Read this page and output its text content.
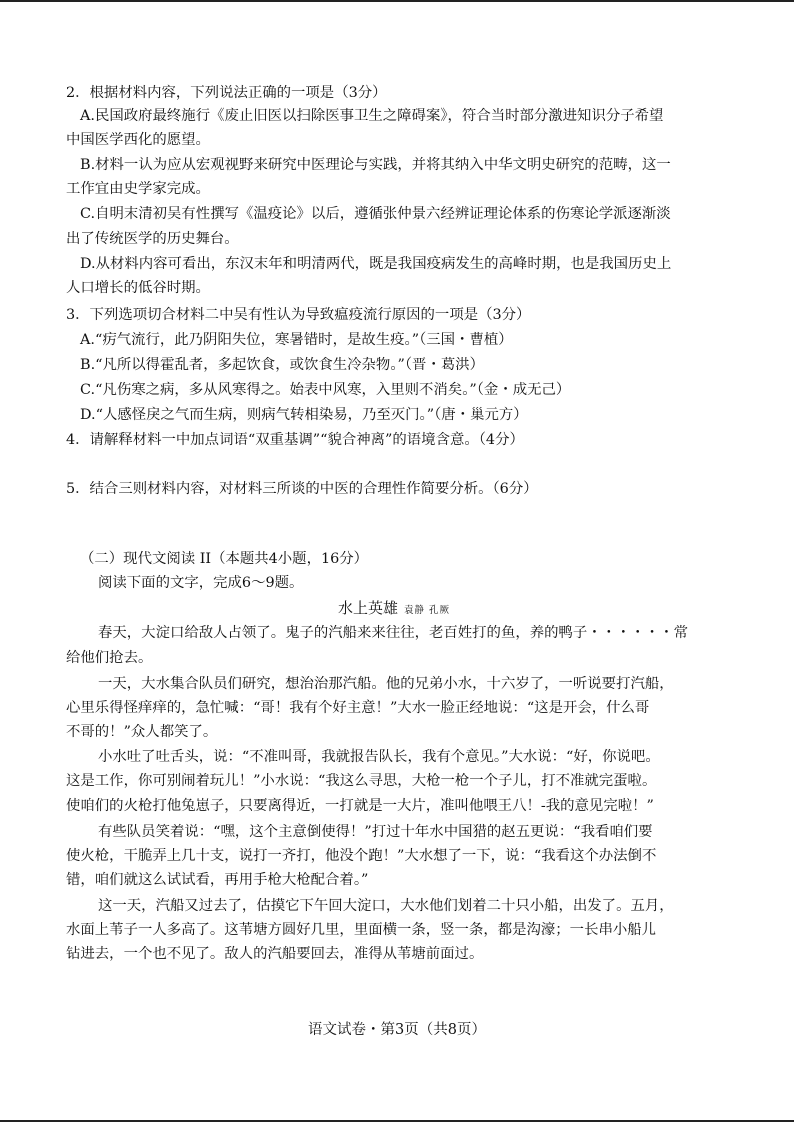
2．根据材料内容，下列说法正确的一项是（3分）
A.民国政府最终施行《废止旧医以扫除医事卫生之障碍案》，符合当时部分激进知识分子希望
中国医学西化的愿望。
B.材料一认为应从宏观视野来研究中医理论与实践，并将其纳入中华文明史研究的范畴，这一
工作宜由史学家完成。
C.自明末清初吴有性撰写《温疫论》以后，遵循张仲景六经辨证理论体系的伤寒论学派逐渐淡
出了传统医学的历史舞台。
D.从材料内容可看出，东汉末年和明清两代，既是我国疫病发生的高峰时期，也是我国历史上
人口增长的低谷时期。
3．下列选项切合材料二中吴有性认为导致瘟疫流行原因的一项是（3分）
A.“疠气流行，此乃阴阳失位，寒暑错时，是故生疫。”（三国・曹植）
B.“凡所以得霍乱者，多起饮食，或饮食生冷杂物。”（晋・葛洪）
C.“凡伤寒之病，多从风寒得之。始表中风寒，入里则不消矣。”（金・成无己）
D.“人感怪戾之气而生病，则病气转相染易，乃至灭门。”（唐・巢元方）
4．请解释材料一中加点词语“双重基调”“貌合神离”的语境含意。（4分）
5．结合三则材料内容，对材料三所谈的中医的合理性作简要分析。（6分）
（二）现代文阅读 II（本题共4小题，16分）
阅读下面的文字，完成6～9题。
水上英雄 袁静 孔厥
春天，大淀口给敌人占领了。鬼子的汽船来来往往，老百姓打的鱼，养的鸭子・・・・・・常
给他们抢去。
一天，大水集合队员们研究，想治治那汽船。他的兄弟小水，十六岁了，一听说要打汽船，
心里乐得怪痒痒的，急忙喊：“哥！我有个好主意！”大水一脸正经地说：“这是开会，什么哥
不哥的！”众人都笑了。
小水吐了吐舌头，说：“不准叫哥，我就报告队长，我有个意见。”大水说：“好，你说吧。
这是工作，你可别闹着玩儿！”小水说：“我这么寻思，大枪一枪一个子儿，打不准就完蛋啦。
使咱们的火枪打他兔崽子，只要离得近，一打就是一大片，准叫他喂王八！-我的意见完啦！”
有些队员笑着说：“嘿，这个主意倒使得！”打过十年水中国猎的赵五更说：“我看咱们要
使火枪，干脆弄上几十支，说打一齐打，他没个跑！”大水想了一下，说：“我看这个办法倒不
错，咱们就这么试试看，再用手枪大枪配合着。”
这一天，汽船又过去了，估摸它下午回大淀口，大水他们划着二十只小船，出发了。五月，
水面上苇子一人多高了。这苇塘方圆好几里，里面横一条，竖一条，都是沟濠；一长串小船儿
钻进去，一个也不见了。敌人的汽船要回去，准得从苇塘前面过。
语文试卷・第3页（共8页）
